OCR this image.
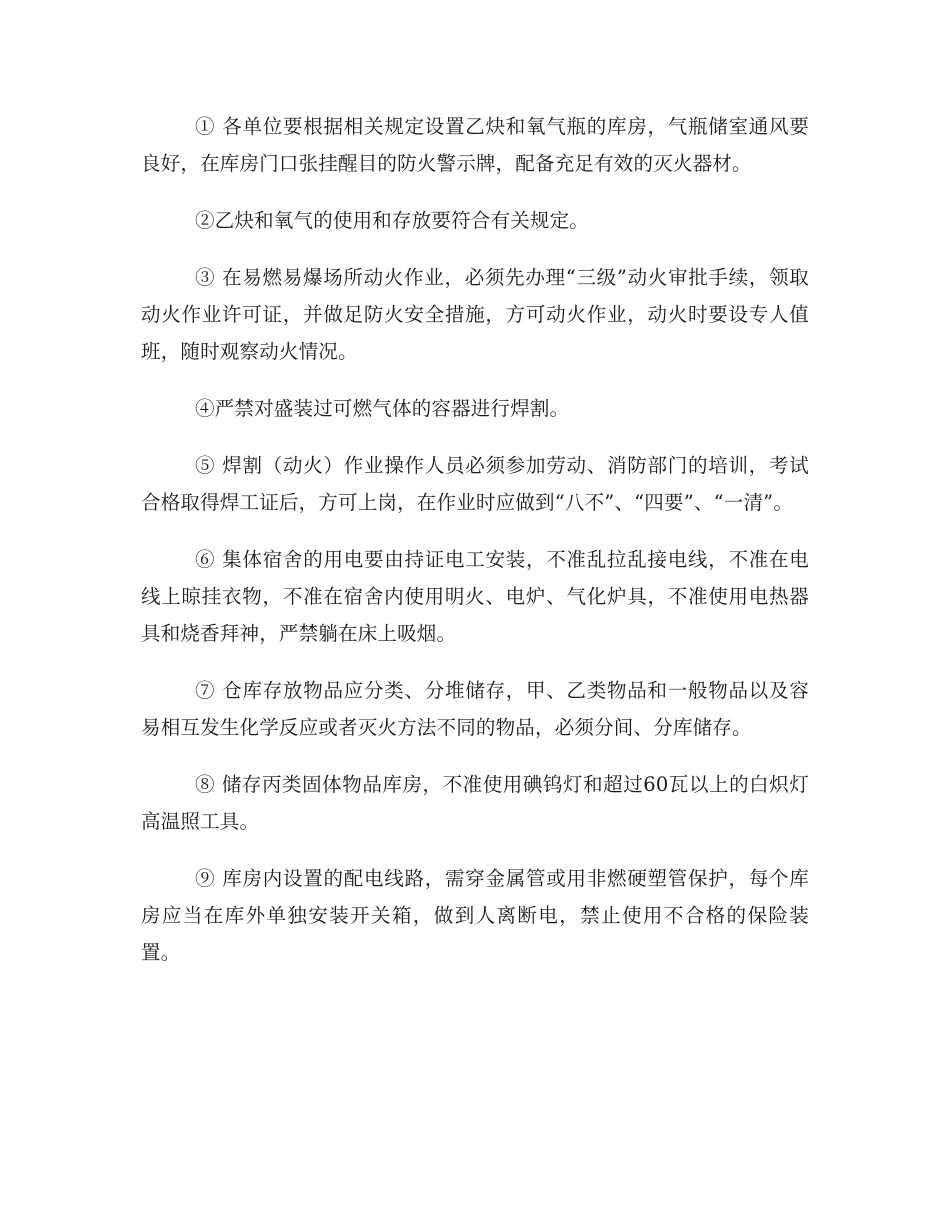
① 各单位要根据相关规定设置乙炔和氧气瓶的库房，气瓶储室通风要良好，在库房门口张挂醒目的防火警示牌，配备充足有效的灭火器材。

②乙炔和氧气的使用和存放要符合有关规定。

③ 在易燃易爆场所动火作业，必须先办理“三级”动火审批手续，领取动火作业许可证，并做足防火安全措施，方可动火作业，动火时要设专人值班，随时观察动火情况。

④严禁对盛装过可燃气体的容器进行焊割。

⑤ 焊割（动火）作业操作人员必须参加劳动、消防部门的培训，考试合格取得焊工证后，方可上岗，在作业时应做到“八不”、“四要”、“一清”。

⑥ 集体宿舍的用电要由持证电工安装，不准乱拉乱接电线，不准在电线上晾挂衣物，不准在宿舍内使用明火、电炉、气化炉具，不准使用电热器具和烧香拜神，严禁躺在床上吸烟。

⑦ 仓库存放物品应分类、分堆储存，甲、乙类物品和一般物品以及容易相互发生化学反应或者灭火方法不同的物品，必须分间、分库储存。

⑧ 储存丙类固体物品库房，不准使用碘钨灯和超过60瓦以上的白炽灯高温照工具。

⑨ 库房内设置的配电线路，需穿金属管或用非燃硬塑管保护，每个库房应当在库外单独安装开关箱，做到人离断电，禁止使用不合格的保险装置。
